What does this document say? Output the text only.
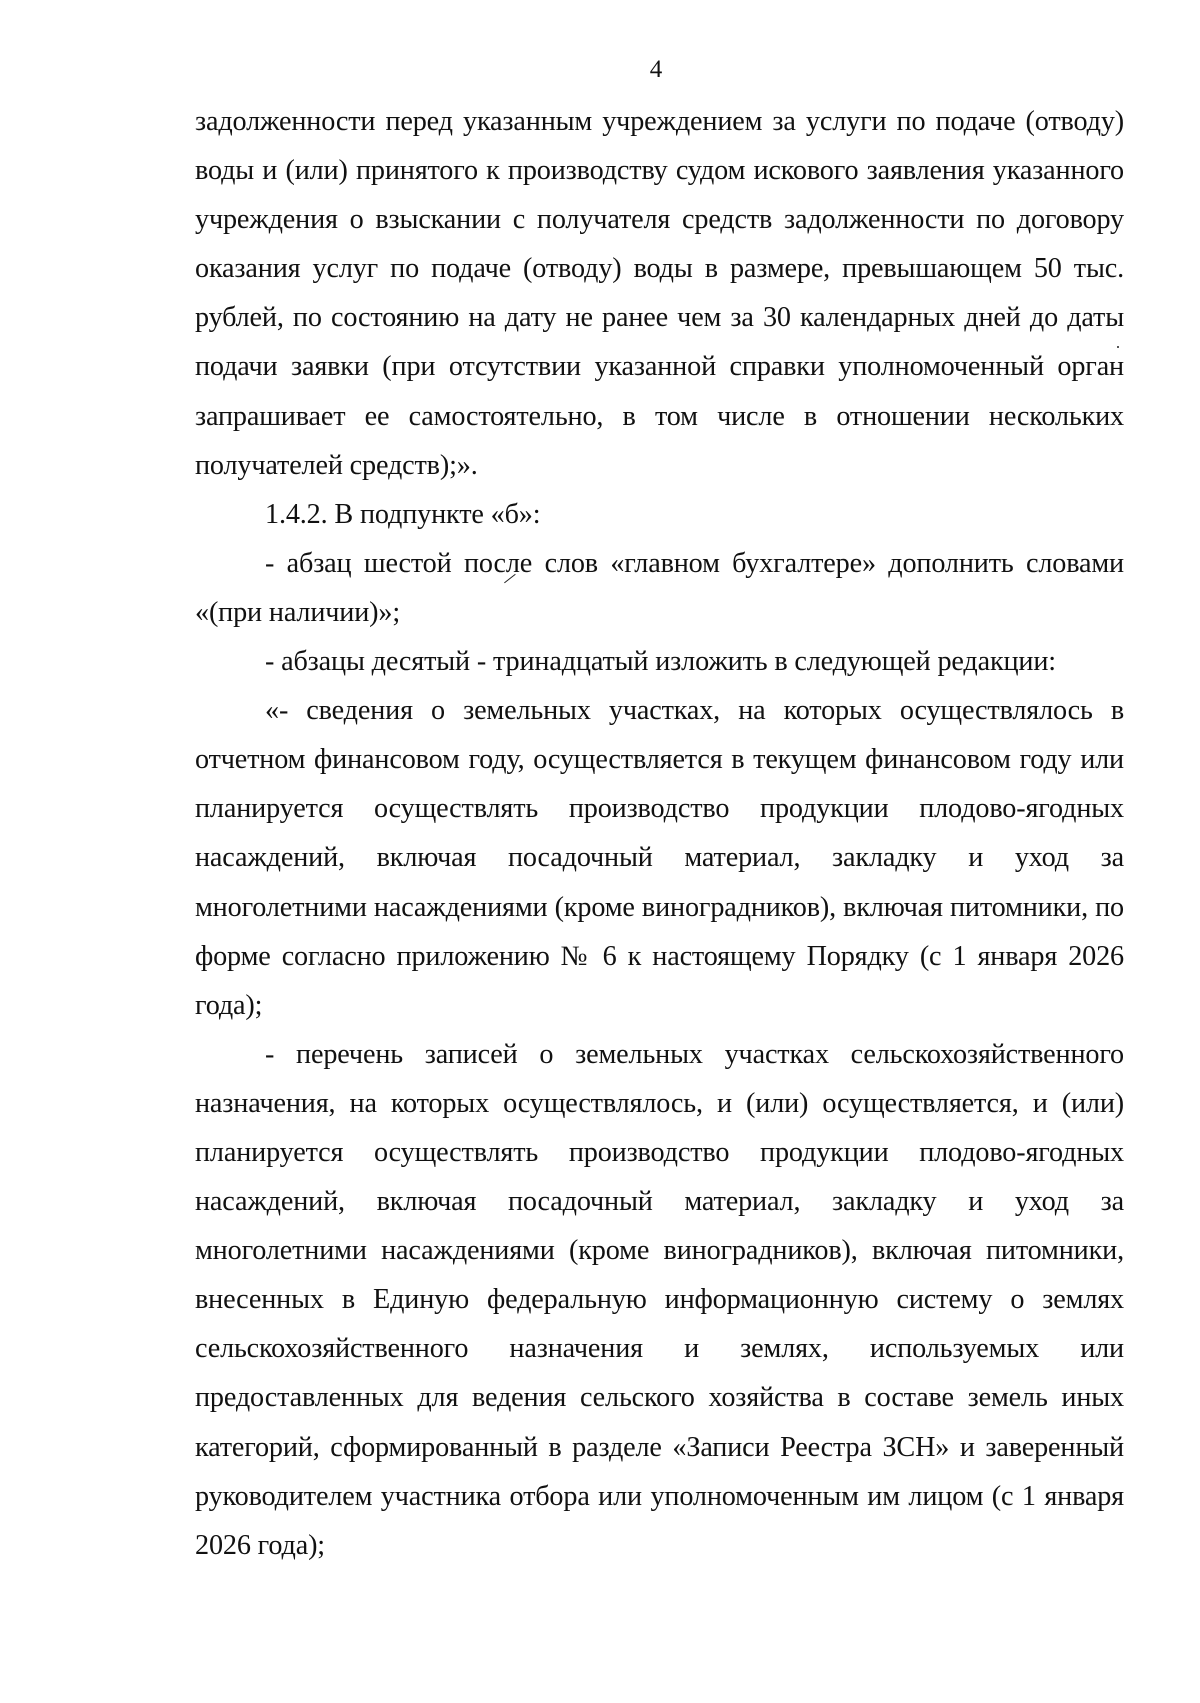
4

задолженности перед указанным учреждением за услуги по подаче (отводу) воды и (или) принятого к производству судом искового заявления указанного учреждения о взыскании с получателя средств задолженности по договору оказания услуг по подаче (отводу) воды в размере, превышающем 50 тыс. рублей, по состоянию на дату не ранее чем за 30 календарных дней до даты подачи заявки (при отсутствии указанной справки уполномоченный орган запрашивает ее самостоятельно, в том числе в отношении нескольких получателей средств);».

1.4.2. В подпункте «б»:

- абзац шестой после слов «главном бухгалтере» дополнить словами «(при наличии)»;

- абзацы десятый - тринадцатый изложить в следующей редакции:

«- сведения о земельных участках, на которых осуществлялось в отчетном финансовом году, осуществляется в текущем финансовом году или планируется осуществлять производство продукции плодово-ягодных насаждений, включая посадочный материал, закладку и уход за многолетними насаждениями (кроме виноградников), включая питомники, по форме согласно приложению № 6 к настоящему Порядку (с 1 января 2026 года);

- перечень записей о земельных участках сельскохозяйственного назначения, на которых осуществлялось, и (или) осуществляется, и (или) планируется осуществлять производство продукции плодово-ягодных насаждений, включая посадочный материал, закладку и уход за многолетними насаждениями (кроме виноградников), включая питомники, внесенных в Единую федеральную информационную систему о землях сельскохозяйственного назначения и землях, используемых или предоставленных для ведения сельского хозяйства в составе земель иных категорий, сформированный в разделе «Записи Реестра ЗСН» и заверенный руководителем участника отбора или уполномоченным им лицом (с 1 января 2026 года);
